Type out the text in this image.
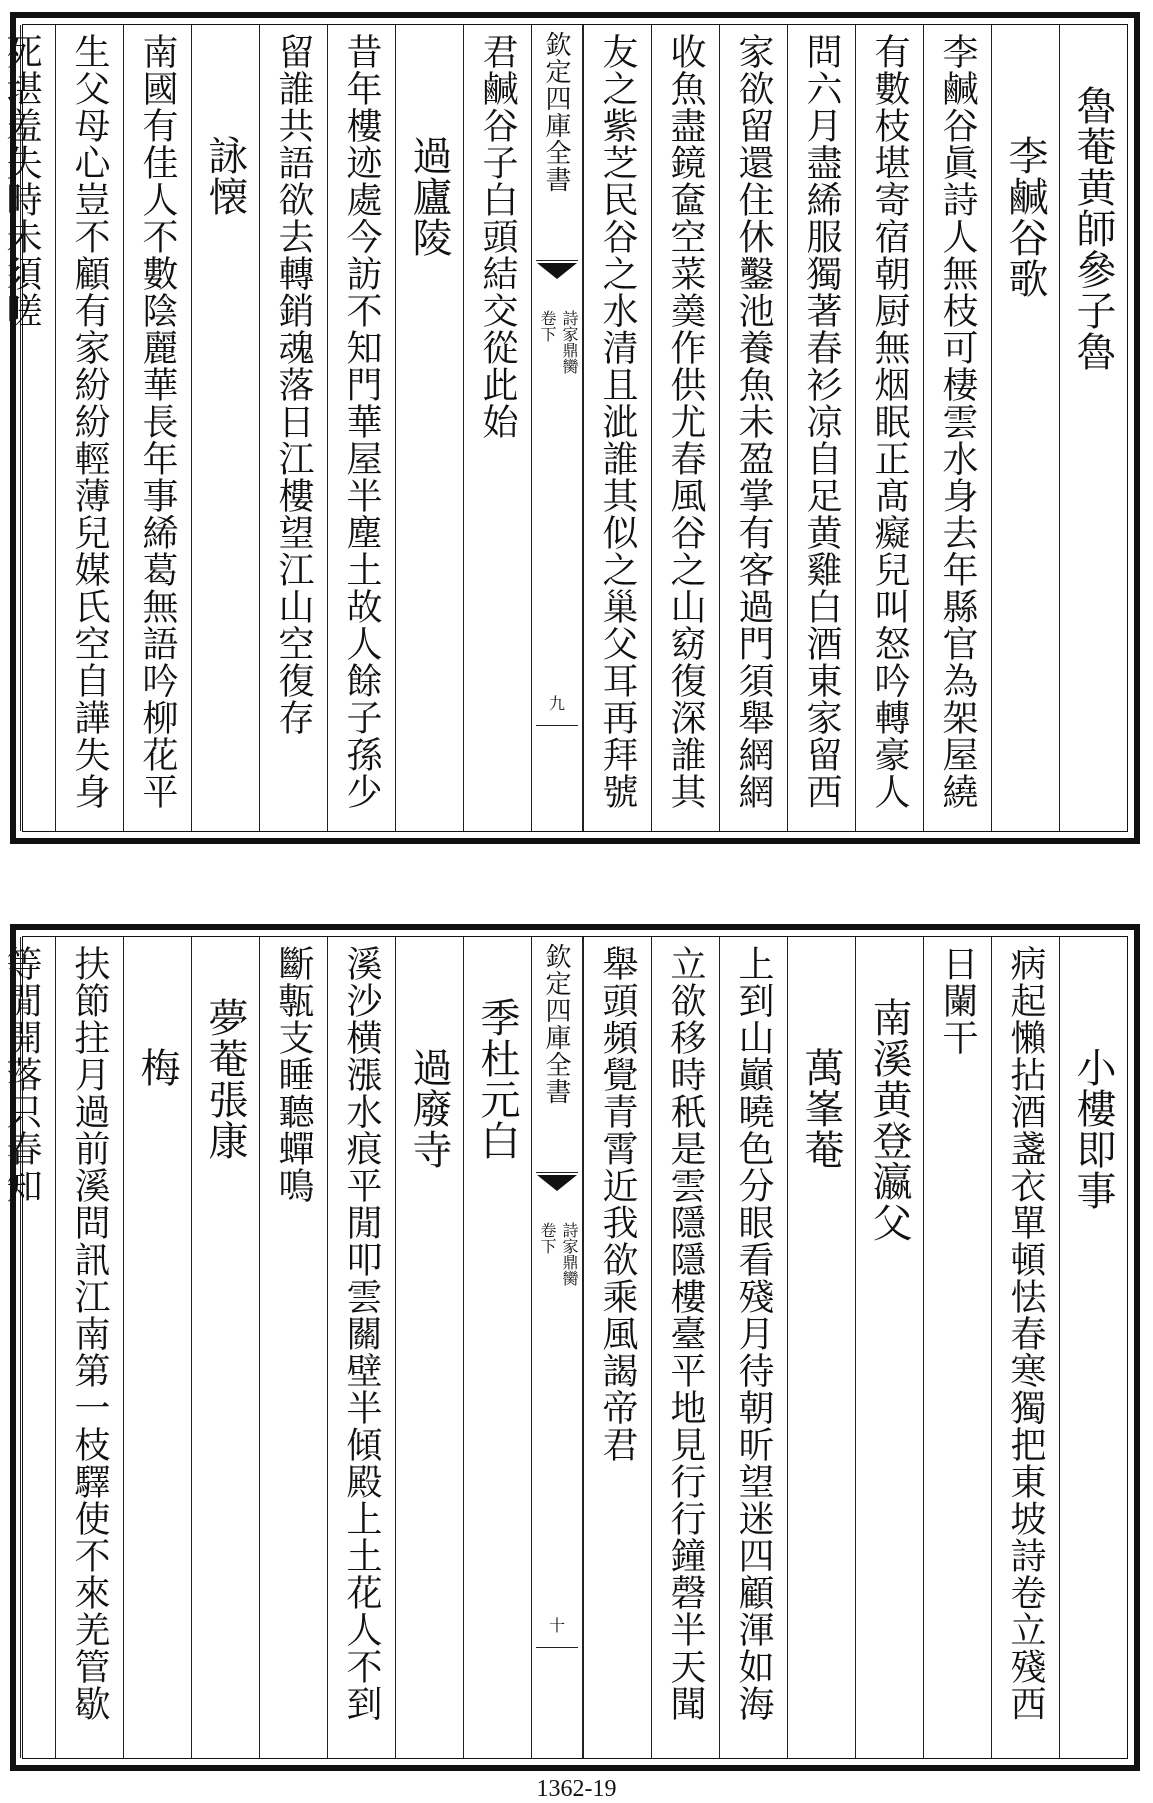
魯菴黄師參子魯
李鹹谷歌
李鹹谷眞詩人無枝可棲雲水身去年縣官為架屋繞
有數枝堪寄宿朝厨無烟眠正髙癡兒叫怒吟轉豪人
問六月盡絺服獨著春衫凉自足黄雞白酒東家留西
家欲留還住休鑿池養魚未盈掌有客過門須舉網網
收魚盡鏡奩空菜羮作供尤春風谷之山窈復深誰其
友之紫芝民谷之水清且泚誰其似之巢父耳再拜號
欽定四庫全書
詩家鼎臠
卷下
九
君鹹谷子白頭結交從此始
過廬陵
昔年樓迹處今訪不知門華屋半塵土故人餘子孫少
留誰共語欲去轉銷魂落日江樓望江山空復存
詠懐
南國有佳人不數陰麗華長年事絺葛無語吟柳花平
生父母心豈不顧有家紛紛輕薄兒媒氏空自譁失身
死堪羞失時未須嗟
小樓即事
病起懶拈酒盞衣單頓怯春寒獨把東坡詩卷立殘西
日闌干
南溪黄登瀛父
萬峯菴
上到山巓曉色分眼看殘月待朝昕望迷四顧渾如海
立欲移時秖是雲隱隱樓臺平地見行行鐘磬半天聞
舉頭頻覺青霄近我欲乘風謁帝君
欽定四庫全書
詩家鼎臠
卷下
十
季杜元白
過廢寺
溪沙横漲水痕平閒叩雲關壁半傾殿上土花人不到
斷甎支睡聽蟬鳴
夢菴張康
梅
扶節拄月過前溪問訊江南第一枝驛使不來羌管歇
等閒開落只春知
1362-19
